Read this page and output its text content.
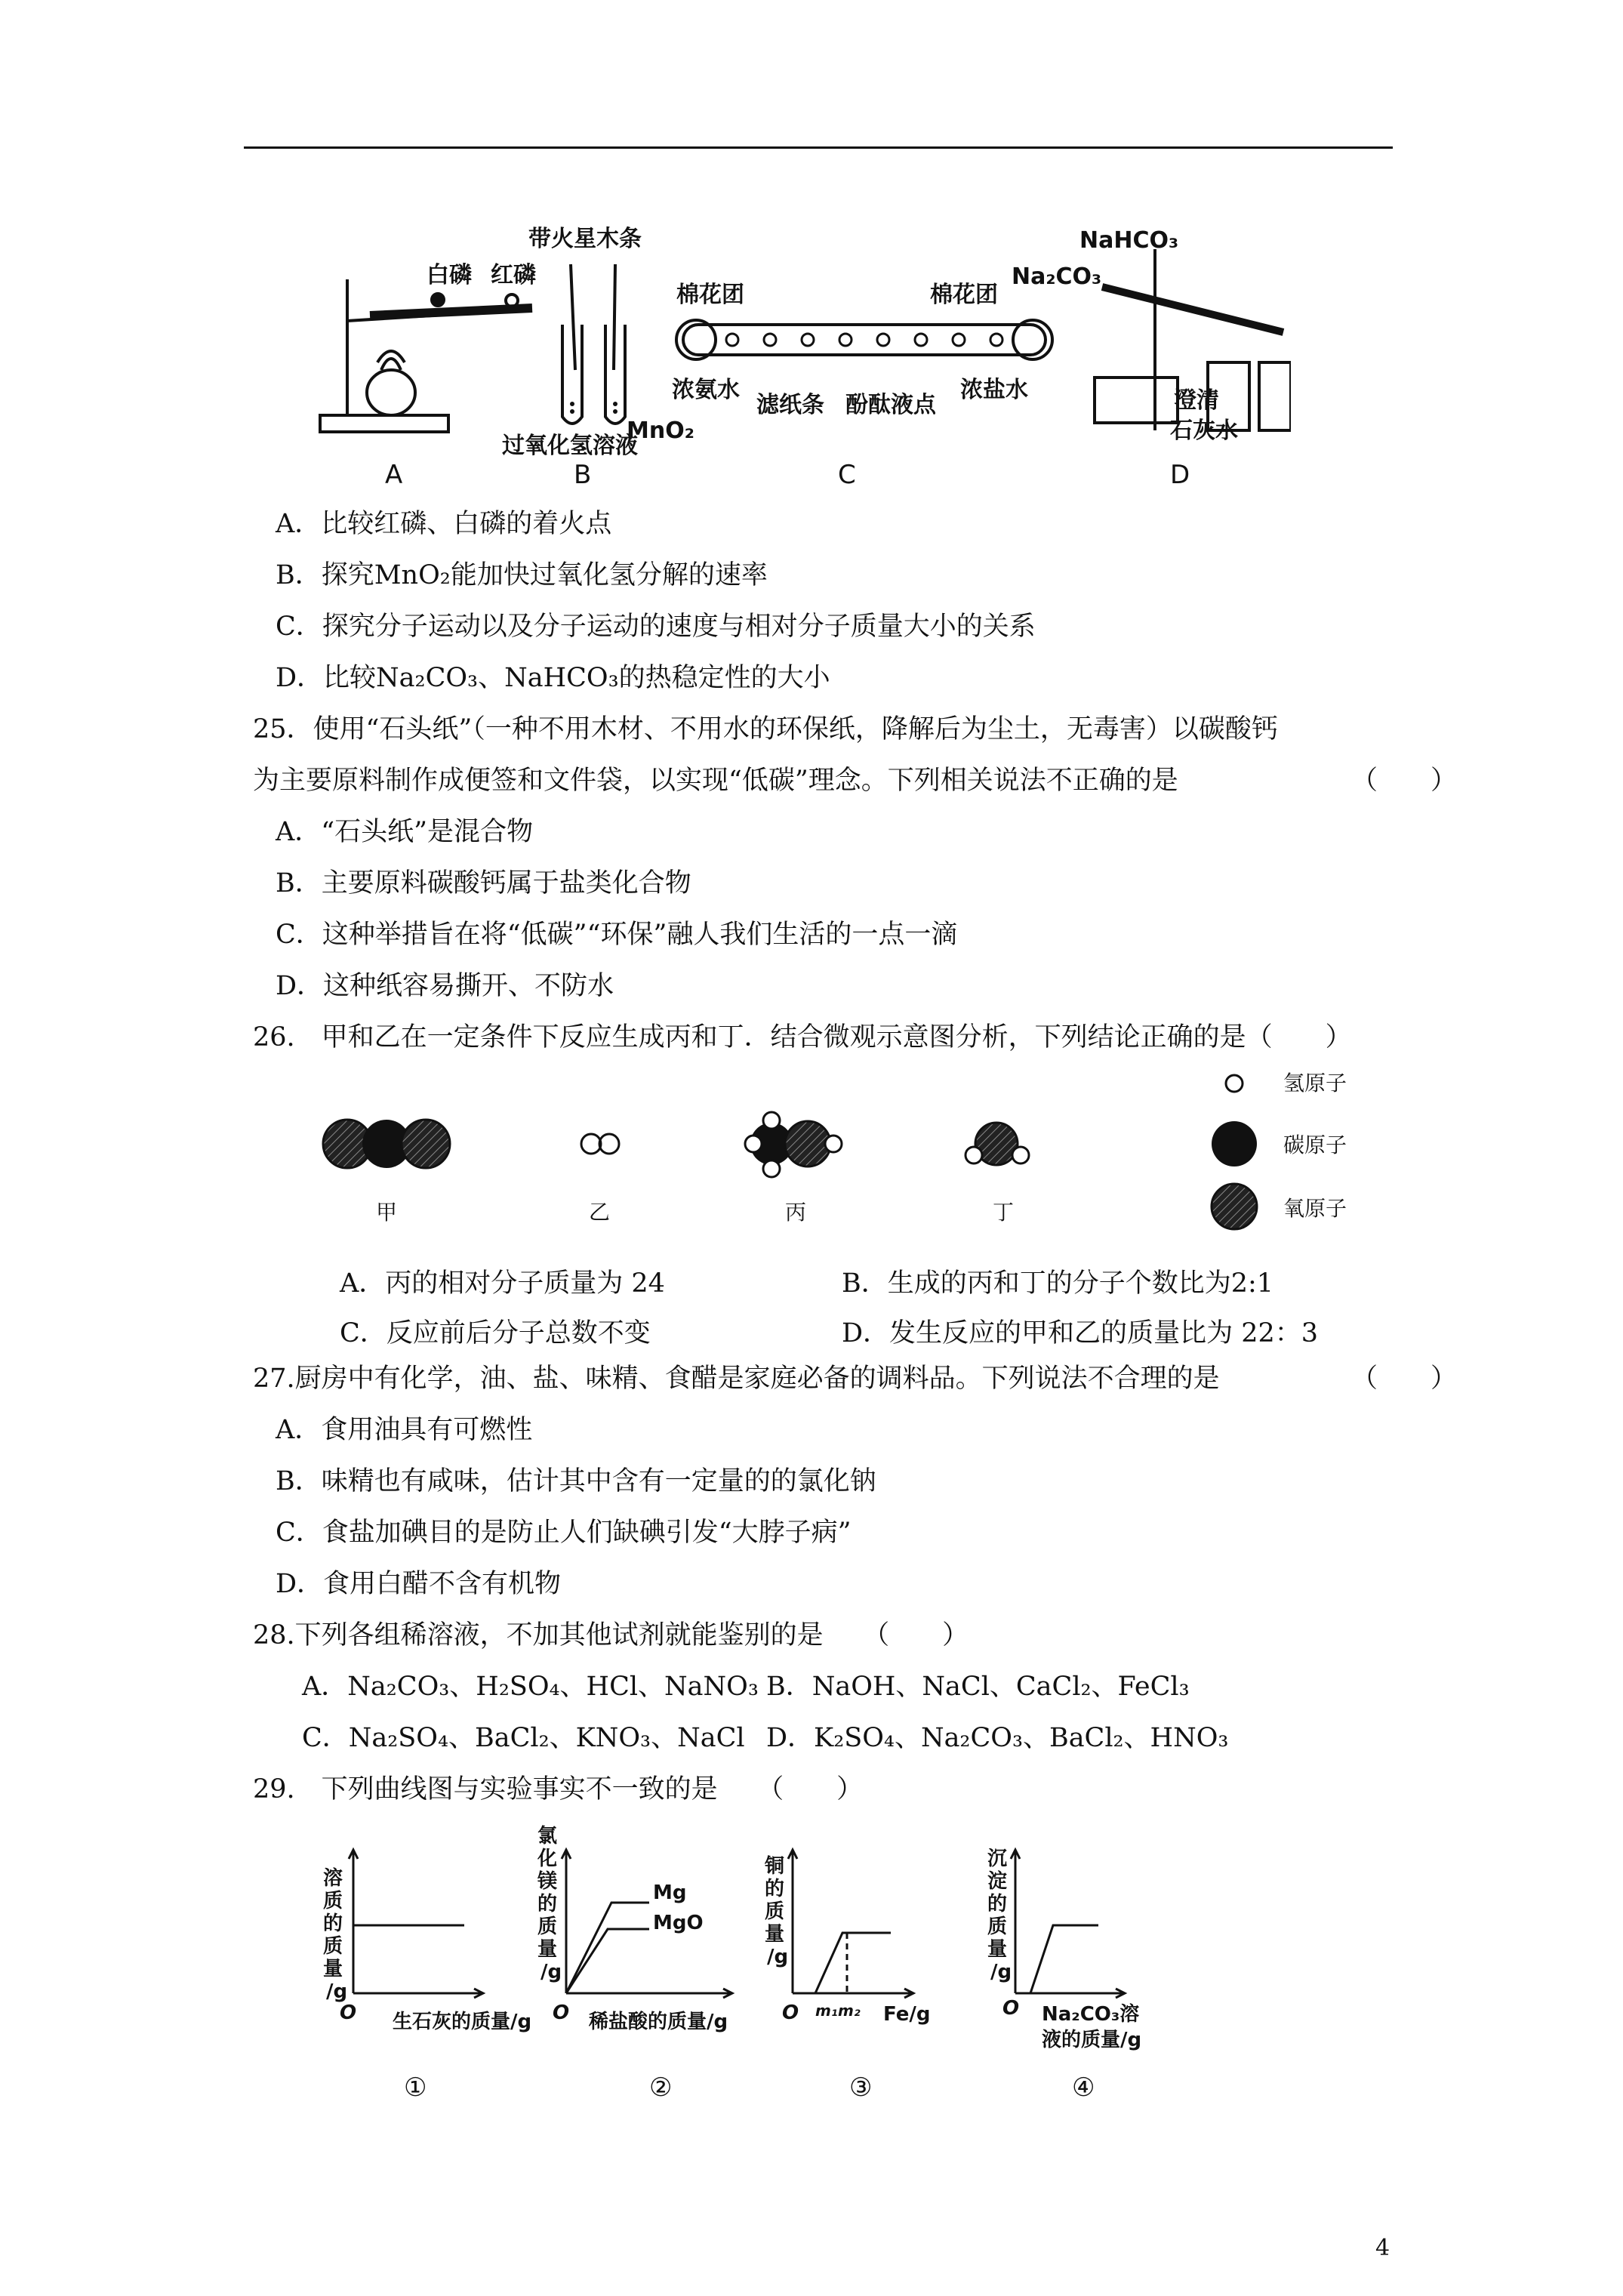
带火星木条
白磷 红磷
MnO₂
过氧化氢溶液
棉花团	棉花团
浓氨水
滤纸条 酚酞液点
浓盐水
NaHCO₃
Na₂CO₃
澄清
石灰水
A	B	C	D
A．比较红磷、白磷的着火点
B．探究MnO₂能加快过氧化氢分解的速率
C．探究分子运动以及分子运动的速度与相对分子质量大小的关系
D．比较Na₂CO₃、NaHCO₃的热稳定性的大小
25．使用“石头纸”（一种不用木材、不用水的环保纸，降解后为尘土，无毒害）以碳酸钙
为主要原料制作成便签和文件袋，以实现“低碳”理念。下列相关说法不正确的是	（　　）
A．“石头纸”是混合物
B．主要原料碳酸钙属于盐类化合物
C．这种举措旨在将“低碳”“环保”融人我们生活的一点一滴
D．这种纸容易撕开、不防水
26.　甲和乙在一定条件下反应生成丙和丁．结合微观示意图分析，下列结论正确的是（　　）
氢原子
碳原子
氧原子
甲	乙	丙	丁
A．丙的相对分子质量为 24	B．生成的丙和丁的分子个数比为2:1
C．反应前后分子总数不变	D．发生反应的甲和乙的质量比为 22：3
27.厨房中有化学，油、盐、味精、食醋是家庭必备的调料品。下列说法不合理的是	（　　）
A．食用油具有可燃性
B．味精也有咸味，估计其中含有一定量的的氯化钠
C．食盐加碘目的是防止人们缺碘引发“大脖子病”
D．食用白醋不含有机物
28.下列各组稀溶液，不加其他试剂就能鉴别的是　　（　　）
A．Na₂CO₃、H₂SO₄、HCl、NaNO₃ B．NaOH、NaCl、CaCl₂、FeCl₃
C．Na₂SO₄、BaCl₂、KNO₃、NaCl D．K₂SO₄、Na₂CO₃、BaCl₂、HNO₃
29.　下列曲线图与实验事实不一致的是　　（　　）
溶
质
的
质
量
/g
O 生石灰的质量/g
氯
化
镁
的
质
量
/g
Mg
MgO
O 稀盐酸的质量/g
铜
的
质
量
/g
O m₁ m₂ Fe/g
沉
淀
的
质
量
/g
O Na₂CO₃溶
液的质量/g
①	②	③	④
4
